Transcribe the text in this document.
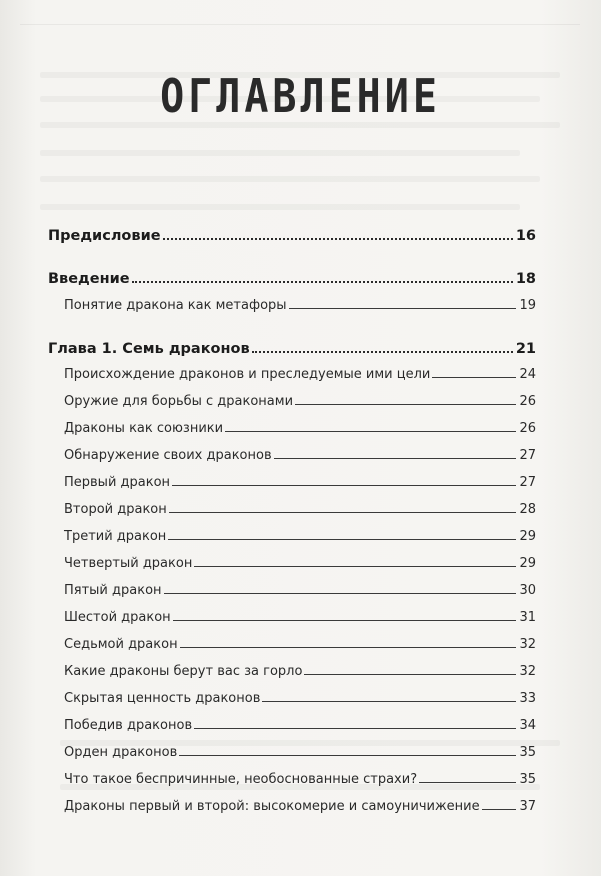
ОГЛАВЛЕНИЕ
Предисловие	16
Введение	18
Понятие дракона как метафоры	19
Глава 1. Семь драконов	21
Происхождение драконов и преследуемые ими цели	24
Оружие для борьбы с драконами	26
Драконы как союзники	26
Обнаружение своих драконов	27
Первый дракон	27
Второй дракон	28
Третий дракон	29
Четвертый дракон	29
Пятый дракон	30
Шестой дракон	31
Седьмой дракон	32
Какие драконы берут вас за горло	32
Скрытая ценность драконов	33
Победив драконов	34
Орден драконов	35
Что такое беспричинные, необоснованные страхи?	35
Драконы первый и второй: высокомерие и самоуничижение	37
